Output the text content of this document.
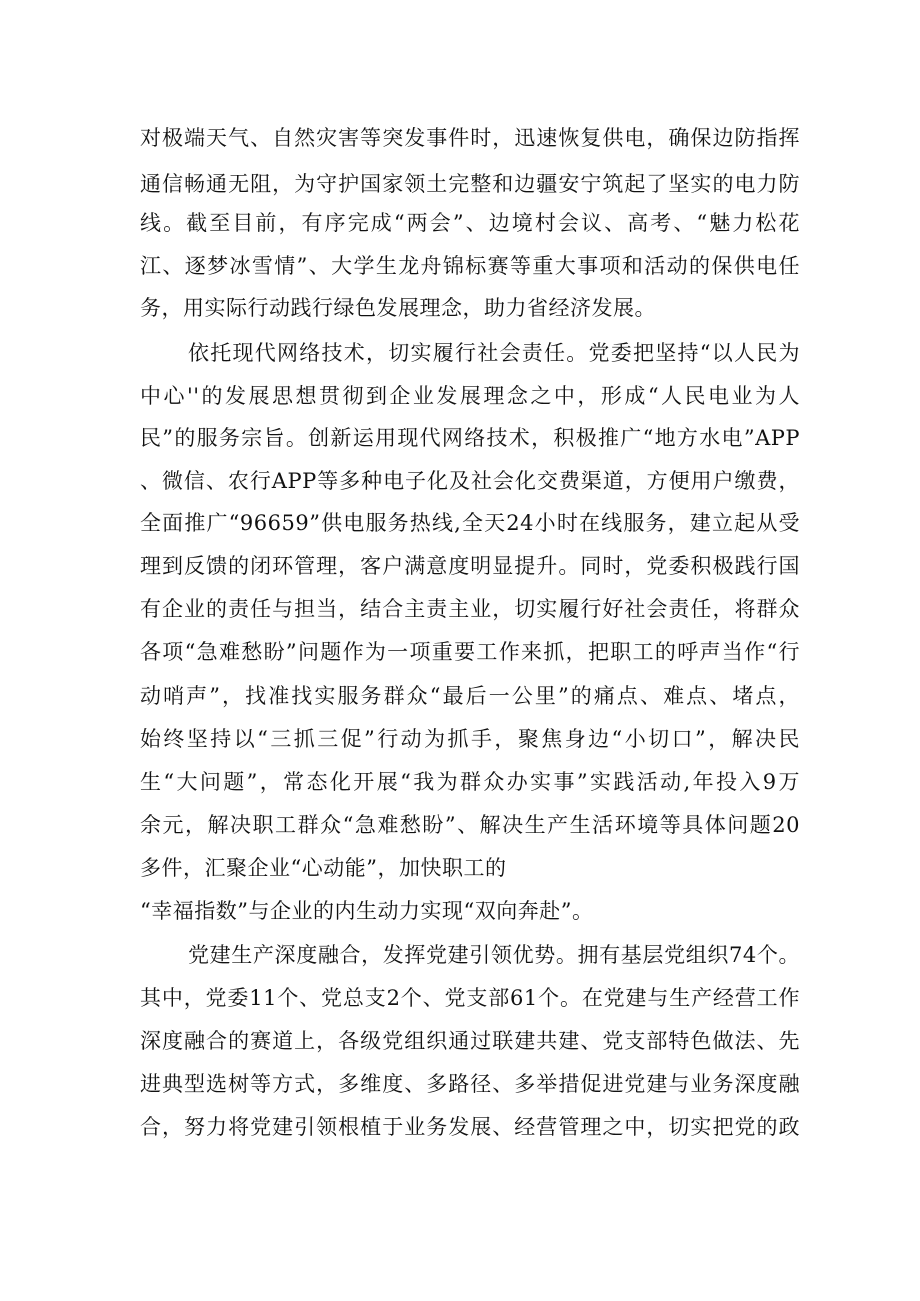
对极端天气、自然灾害等突发事件时，迅速恢复供电，确保边防指挥
通信畅通无阻，为守护国家领土完整和边疆安宁筑起了坚实的电力防
线。截至目前，有序完成“两会”、边境村会议、高考、“魅力松花
江、逐梦冰雪情”、大学生龙舟锦标赛等重大事项和活动的保供电任
务，用实际行动践行绿色发展理念，助力省经济发展。
依托现代网络技术，切实履行社会责任。党委把坚持“以人民为
中心''的发展思想贯彻到企业发展理念之中，形成“人民电业为人
民”的服务宗旨。创新运用现代网络技术，积极推广“地方水电”APP
、微信、农行APP等多种电子化及社会化交费渠道，方便用户缴费，
全面推广“96659”供电服务热线,全天24小时在线服务，建立起从受
理到反馈的闭环管理，客户满意度明显提升。同时，党委积极践行国
有企业的责任与担当，结合主责主业，切实履行好社会责任，将群众
各项“急难愁盼”问题作为一项重要工作来抓，把职工的呼声当作“行
动哨声”，找准找实服务群众“最后一公里”的痛点、难点、堵点，
始终坚持以“三抓三促”行动为抓手，聚焦身边“小切口”，解决民
生“大问题”，常态化开展“我为群众办实事”实践活动,年投入9万
余元，解决职工群众“急难愁盼”、解决生产生活环境等具体问题20
多件，汇聚企业“心动能”，加快职工的
“幸福指数”与企业的内生动力实现“双向奔赴”。
党建生产深度融合，发挥党建引领优势。拥有基层党组织74个。
其中，党委11个、党总支2个、党支部61个。在党建与生产经营工作
深度融合的赛道上，各级党组织通过联建共建、党支部特色做法、先
进典型选树等方式，多维度、多路径、多举措促进党建与业务深度融
合，努力将党建引领根植于业务发展、经营管理之中，切实把党的政
